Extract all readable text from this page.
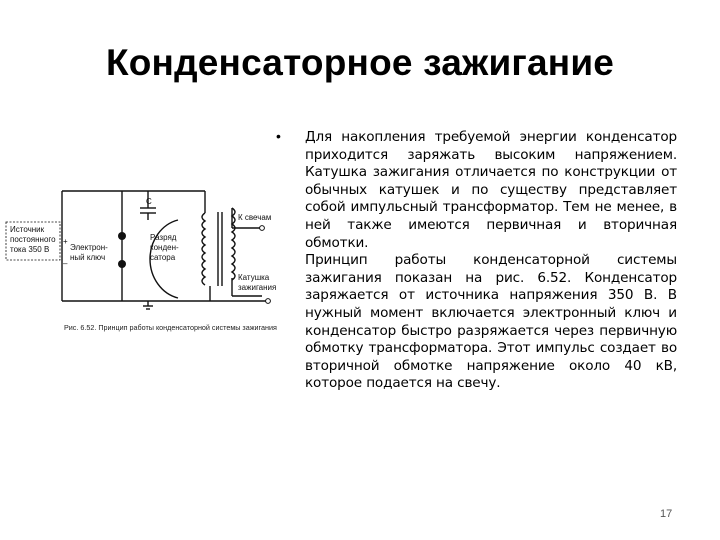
Конденсаторное зажигание
Источник
постоянного
тока 350 В
+
–
Электрон-
ный ключ
C
Разряд
конден-
сатора
К свечам
Катушка
зажигания
Рис. 6.52. Принцип работы конденсаторной системы зажигания
• Для накопления требуемой энергии конденсатор приходится заряжать высоким напряжением. Катушка зажигания отличается по конструкции от обычных катушек и по существу представляет собой импульсный трансформатор. Тем не менее, в ней также имеются первичная и вторичная обмотки.

Принцип работы конденсаторной системы зажигания показан на рис. 6.52. Конденсатор заряжается от источника напряжения 350 В. В нужный момент включается электронный ключ и конденсатор быстро разряжается через первичную обмотку трансформатора. Этот импульс создает во вторичной обмотке напряжение около 40 кВ, которое подается на свечу.

17
